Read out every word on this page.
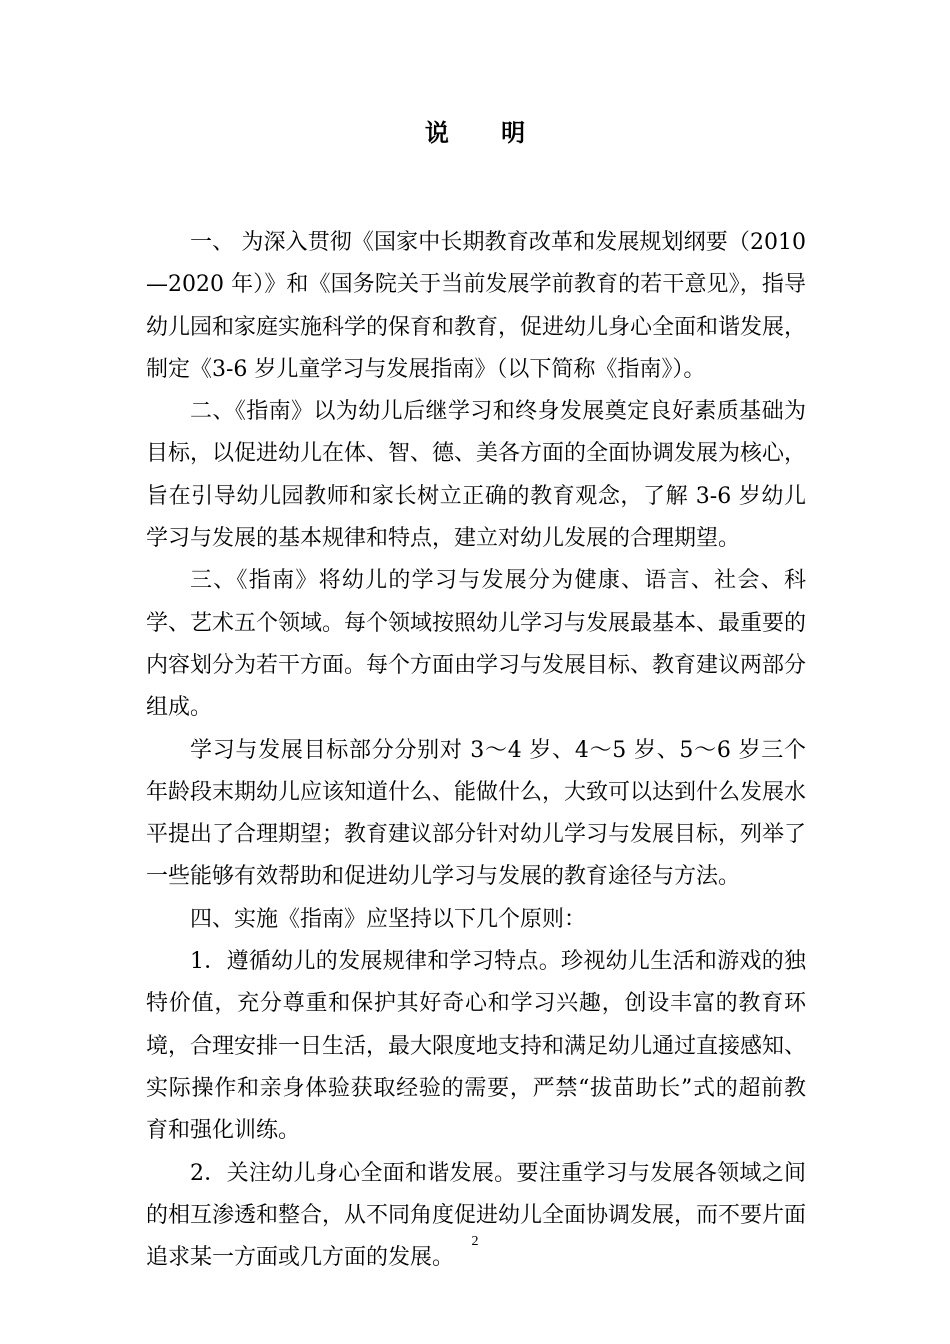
说 明

一、 为深入贯彻《国家中长期教育改革和发展规划纲要（2010—2020 年）》和《国务院关于当前发展学前教育的若干意见》，指导幼儿园和家庭实施科学的保育和教育，促进幼儿身心全面和谐发展，制定《3-6 岁儿童学习与发展指南》（以下简称《指南》）。

二、《指南》以为幼儿后继学习和终身发展奠定良好素质基础为目标，以促进幼儿在体、智、德、美各方面的全面协调发展为核心，旨在引导幼儿园教师和家长树立正确的教育观念，了解 3-6 岁幼儿学习与发展的基本规律和特点，建立对幼儿发展的合理期望。

三、《指南》将幼儿的学习与发展分为健康、语言、社会、科学、艺术五个领域。每个领域按照幼儿学习与发展最基本、最重要的内容划分为若干方面。每个方面由学习与发展目标、教育建议两部分组成。

学习与发展目标部分分别对 3～4 岁、4～5 岁、5～6 岁三个年龄段末期幼儿应该知道什么、能做什么，大致可以达到什么发展水平提出了合理期望；教育建议部分针对幼儿学习与发展目标，列举了一些能够有效帮助和促进幼儿学习与发展的教育途径与方法。

四、实施《指南》应坚持以下几个原则：

1．遵循幼儿的发展规律和学习特点。珍视幼儿生活和游戏的独特价值，充分尊重和保护其好奇心和学习兴趣，创设丰富的教育环境，合理安排一日生活，最大限度地支持和满足幼儿通过直接感知、实际操作和亲身体验获取经验的需要，严禁“拔苗助长”式的超前教育和强化训练。

2．关注幼儿身心全面和谐发展。要注重学习与发展各领域之间的相互渗透和整合，从不同角度促进幼儿全面协调发展，而不要片面追求某一方面或几方面的发展。

2
